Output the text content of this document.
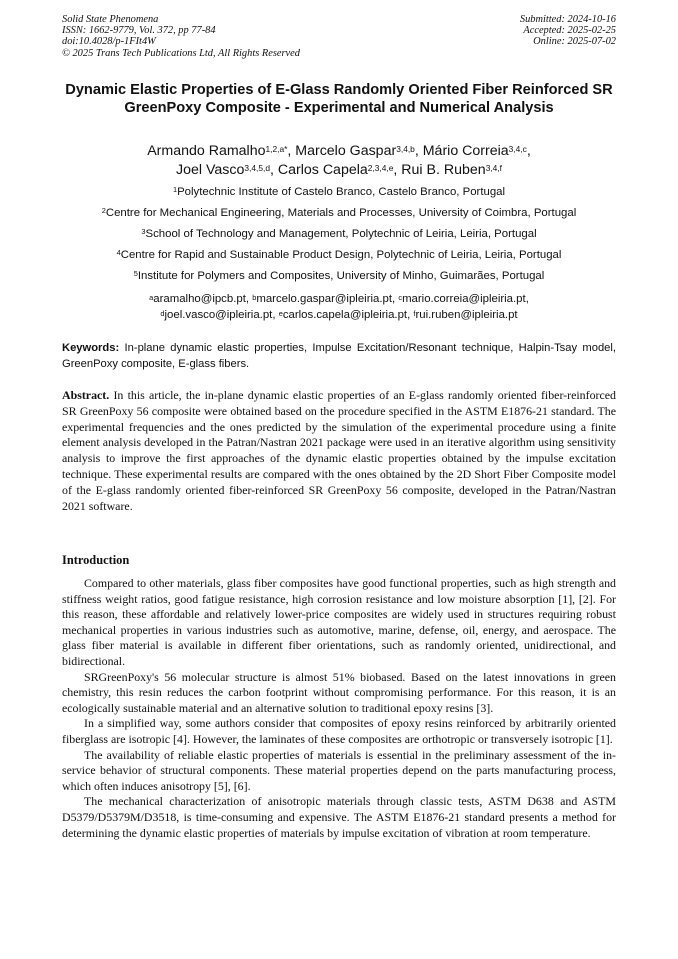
Solid State Phenomena
ISSN: 1662-9779, Vol. 372, pp 77-84
doi:10.4028/p-1FIt4W
© 2025 Trans Tech Publications Ltd, All Rights Reserved
Submitted: 2024-10-16
Accepted: 2025-02-25
Online: 2025-07-02
Dynamic Elastic Properties of E-Glass Randomly Oriented Fiber Reinforced SR GreenPoxy Composite - Experimental and Numerical Analysis
Armando Ramalho$^{1,2,a*}$, Marcelo Gaspar$^{3,4,b}$, Mário Correia$^{3,4,c}$,
Joel Vasco$^{3,4,5,d}$, Carlos Capela$^{2,3,4,e}$, Rui B. Ruben$^{3,4,f}$
$^1$Polytechnic Institute of Castelo Branco, Castelo Branco, Portugal
$^2$Centre for Mechanical Engineering, Materials and Processes, University of Coimbra, Portugal
$^3$School of Technology and Management, Polytechnic of Leiria, Leiria, Portugal
$^4$Centre for Rapid and Sustainable Product Design, Polytechnic of Leiria, Leiria, Portugal
$^5$Institute for Polymers and Composites, University of Minho, Guimarães, Portugal
$^a$aramalho@ipcb.pt, $^b$marcelo.gaspar@ipleiria.pt, $^c$mario.correia@ipleiria.pt,
$^d$joel.vasco@ipleiria.pt, $^e$carlos.capela@ipleiria.pt, $^f$rui.ruben@ipleiria.pt
Keywords: In-plane dynamic elastic properties, Impulse Excitation/Resonant technique, Halpin-Tsay model, GreenPoxy composite, E-glass fibers.
Abstract. In this article, the in-plane dynamic elastic properties of an E-glass randomly oriented fiber-reinforced SR GreenPoxy 56 composite were obtained based on the procedure specified in the ASTM E1876-21 standard. The experimental frequencies and the ones predicted by the simulation of the experimental procedure using a finite element analysis developed in the Patran/Nastran 2021 package were used in an iterative algorithm using sensitivity analysis to improve the first approaches of the dynamic elastic properties obtained by the impulse excitation technique. These experimental results are compared with the ones obtained by the 2D Short Fiber Composite model of the E-glass randomly oriented fiber-reinforced SR GreenPoxy 56 composite, developed in the Patran/Nastran 2021 software.
Introduction

Compared to other materials, glass fiber composites have good functional properties, such as high strength and stiffness weight ratios, good fatigue resistance, high corrosion resistance and low moisture absorption [1], [2]. For this reason, these affordable and relatively lower-price composites are widely used in structures requiring robust mechanical properties in various industries such as automotive, marine, defense, oil, energy, and aerospace. The glass fiber material is available in different fiber orientations, such as randomly oriented, unidirectional, and bidirectional.

SRGreenPoxy's 56 molecular structure is almost 51% biobased. Based on the latest innovations in green chemistry, this resin reduces the carbon footprint without compromising performance. For this reason, it is an ecologically sustainable material and an alternative solution to traditional epoxy resins [3].

In a simplified way, some authors consider that composites of epoxy resins reinforced by arbitrarily oriented fiberglass are isotropic [4]. However, the laminates of these composites are orthotropic or transversely isotropic [1].

The availability of reliable elastic properties of materials is essential in the preliminary assessment of the in-service behavior of structural components. These material properties depend on the parts manufacturing process, which often induces anisotropy [5], [6].

The mechanical characterization of anisotropic materials through classic tests, ASTM D638 and ASTM D5379/D5379M/D3518, is time-consuming and expensive. The ASTM E1876-21 standard presents a method for determining the dynamic elastic properties of materials by impulse excitation of vibration at room temperature.
